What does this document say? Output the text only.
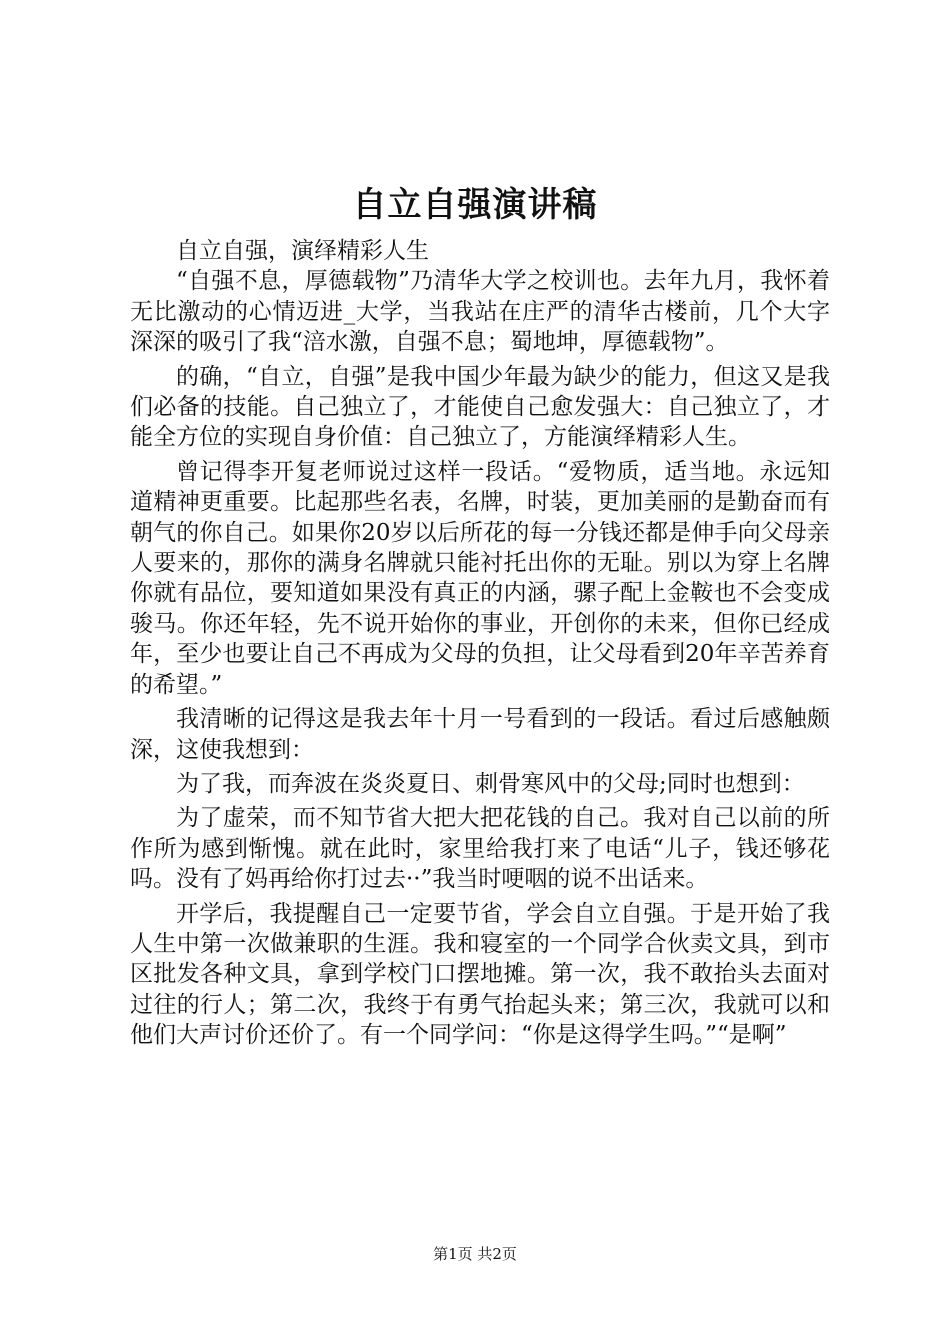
自立自强演讲稿

自立自强，演绎精彩人生

“自强不息，厚德载物”乃清华大学之校训也。去年九月，我怀着无比激动的心情迈进_大学，当我站在庄严的清华古楼前，几个大字深深的吸引了我“涪水激，自强不息；蜀地坤，厚德载物”。

的确，“自立，自强”是我中国少年最为缺少的能力，但这又是我们必备的技能。自己独立了，才能使自己愈发强大：自己独立了，才能全方位的实现自身价值：自己独立了，方能演绎精彩人生。

曾记得李开复老师说过这样一段话。“爱物质，适当地。永远知道精神更重要。比起那些名表，名牌，时装，更加美丽的是勤奋而有朝气的你自己。如果你20岁以后所花的每一分钱还都是伸手向父母亲人要来的，那你的满身名牌就只能衬托出你的无耻。别以为穿上名牌你就有品位，要知道如果没有真正的内涵，骡子配上金鞍也不会变成骏马。你还年轻，先不说开始你的事业，开创你的未来，但你已经成年，至少也要让自己不再成为父母的负担，让父母看到20年辛苦养育的希望。”

我清晰的记得这是我去年十月一号看到的一段话。看过后感触颇深，这使我想到：

为了我，而奔波在炎炎夏日、刺骨寒风中的父母;同时也想到：

为了虚荣，而不知节省大把大把花钱的自己。我对自己以前的所作所为感到惭愧。就在此时，家里给我打来了电话“儿子，钱还够花吗。没有了妈再给你打过去··”我当时哽咽的说不出话来。

开学后，我提醒自己一定要节省，学会自立自强。于是开始了我人生中第一次做兼职的生涯。我和寝室的一个同学合伙卖文具，到市区批发各种文具，拿到学校门口摆地摊。第一次，我不敢抬头去面对过往的行人；第二次，我终于有勇气抬起头来；第三次，我就可以和他们大声讨价还价了。有一个同学问：“你是这得学生吗。”“是啊”

第1页 共2页
